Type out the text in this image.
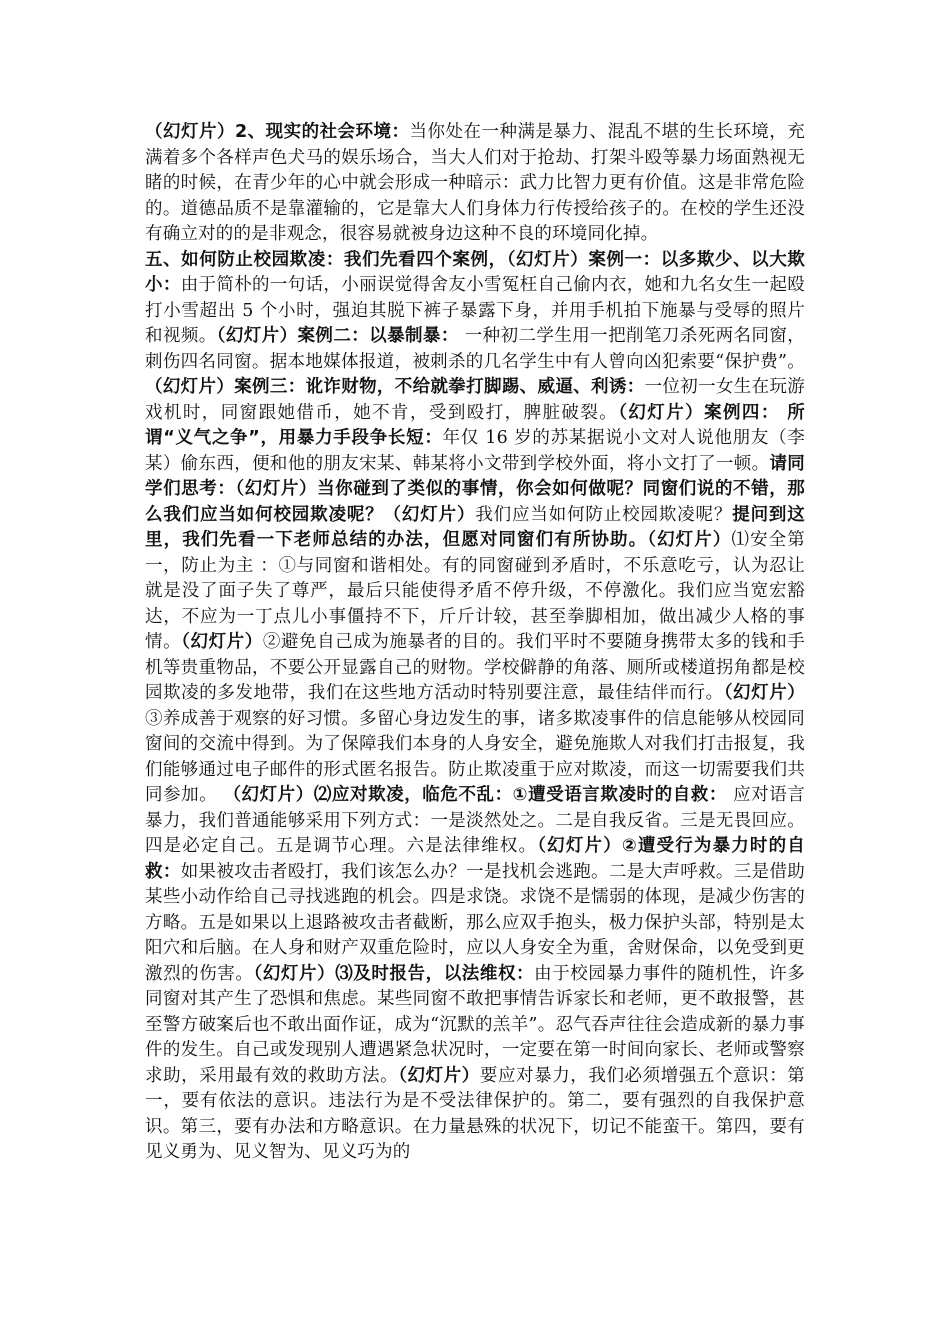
（幻灯片）2、现实的社会环境：当你处在一种满是暴力、混乱不堪的生长环境，充满着多个各样声色犬马的娱乐场合，当大人们对于抢劫、打架斗殴等暴力场面熟视无睹的时候，在青少年的心中就会形成一种暗示：武力比智力更有价值。这是非常危险的。道德品质不是靠灌输的，它是靠大人们身体力行传授给孩子的。在校的学生还没有确立对的的是非观念，很容易就被身边这种不良的环境同化掉。

五、如何防止校园欺凌：我们先看四个案例，（幻灯片）案例一：以多欺少、以大欺小：由于简朴的一句话，小丽误觉得舍友小雪冤枉自己偷内衣，她和九名女生一起殴打小雪超出 5 个小时，强迫其脱下裤子暴露下身，并用手机拍下施暴与受辱的照片和视频。（幻灯片）案例二：以暴制暴： 一种初二学生用一把削笔刀杀死两名同窗，刺伤四名同窗。据本地媒体报道，被刺杀的几名学生中有人曾向凶犯索要“保护费”。（幻灯片）案例三：讹诈财物，不给就拳打脚踢、威逼、利诱：一位初一女生在玩游戏机时，同窗跟她借币，她不肯，受到殴打，脾脏破裂。（幻灯片）案例四： 所谓“义气之争”，用暴力手段争长短：年仅 16 岁的苏某据说小文对人说他朋友（李某）偷东西，便和他的朋友宋某、韩某将小文带到学校外面，将小文打了一顿。请同学们思考：（幻灯片）当你碰到了类似的事情，你会如何做呢？同窗们说的不错，那么我们应当如何校园欺凌呢？（幻灯片）我们应当如何防止校园欺凌呢？提问到这里，我们先看一下老师总结的办法，但愿对同窗们有所协助。（幻灯片）⑴安全第一，防止为主 ：①与同窗和谐相处。有的同窗碰到矛盾时，不乐意吃亏，认为忍让就是没了面子失了尊严，最后只能使得矛盾不停升级，不停激化。我们应当宽宏豁达，不应为一丁点儿小事僵持不下，斤斤计较，甚至拳脚相加，做出减少人格的事情。（幻灯片）②避免自己成为施暴者的目的。我们平时不要随身携带太多的钱和手机等贵重物品，不要公开显露自己的财物。学校僻静的角落、厕所或楼道拐角都是校园欺凌的多发地带，我们在这些地方活动时特别要注意，最佳结伴而行。（幻灯片）③养成善于观察的好习惯。多留心身边发生的事，诸多欺凌事件的信息能够从校园同窗间的交流中得到。为了保障我们本身的人身安全，避免施欺人对我们打击报复，我们能够通过电子邮件的形式匿名报告。防止欺凌重于应对欺凌，而这一切需要我们共同参加。 （幻灯片）⑵应对欺凌，临危不乱：①遭受语言欺凌时的自救： 应对语言暴力，我们普通能够采用下列方式：一是淡然处之。二是自我反省。三是无畏回应。四是必定自己。五是调节心理。六是法律维权。（幻灯片）②遭受行为暴力时的自救：如果被攻击者殴打，我们该怎么办？一是找机会逃跑。二是大声呼救。三是借助某些小动作给自己寻找逃跑的机会。四是求饶。求饶不是懦弱的体现，是减少伤害的方略。五是如果以上退路被攻击者截断，那么应双手抱头，极力保护头部，特别是太阳穴和后脑。在人身和财产双重危险时，应以人身安全为重，舍财保命，以免受到更激烈的伤害。（幻灯片）⑶及时报告，以法维权：由于校园暴力事件的随机性，许多同窗对其产生了恐惧和焦虑。某些同窗不敢把事情告诉家长和老师，更不敢报警，甚至警方破案后也不敢出面作证，成为“沉默的羔羊”。忍气吞声往往会造成新的暴力事件的发生。自己或发现别人遭遇紧急状况时，一定要在第一时间向家长、老师或警察求助，采用最有效的救助方法。（幻灯片）要应对暴力，我们必须增强五个意识：第一，要有依法的意识。违法行为是不受法律保护的。第二，要有强烈的自我保护意识。第三，要有办法和方略意识。在力量悬殊的状况下，切记不能蛮干。第四，要有见义勇为、见义智为、见义巧为的
